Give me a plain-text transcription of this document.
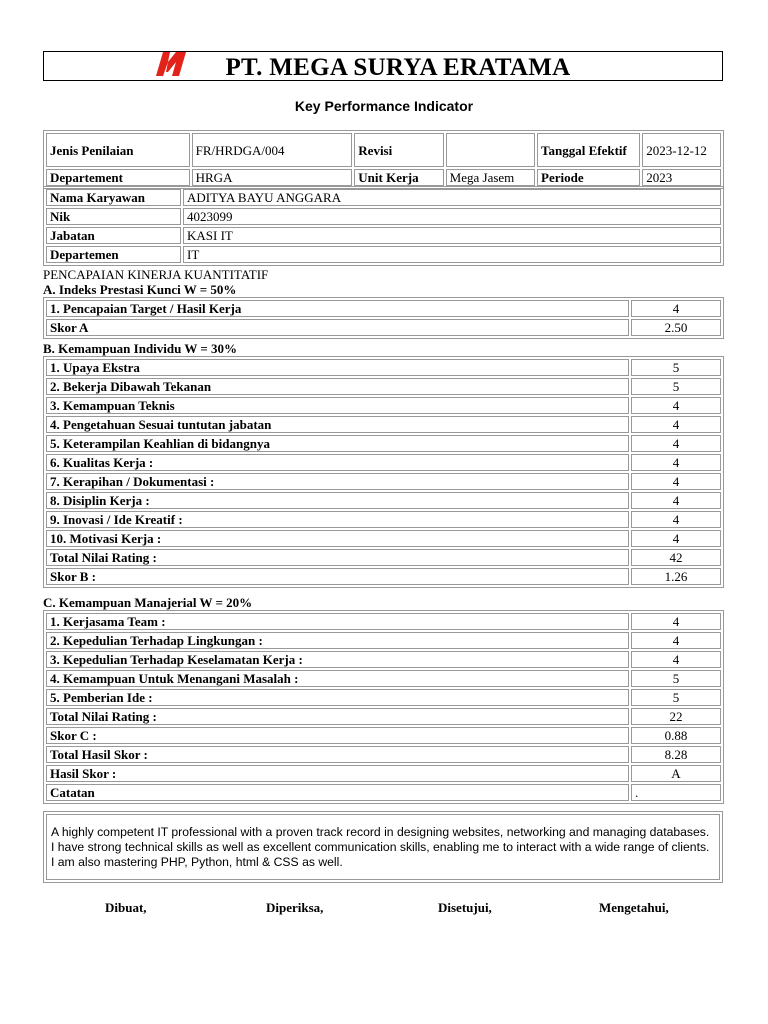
PT. MEGA SURYA ERATAMA
Key Performance Indicator
Jenis Penilaian	FR/HRDGA/004	Revisi		Tanggal Efektif	2023-12-12
Departement	HRGA	Unit Kerja	Mega Jasem	Periode	2023
Nama Karyawan	ADITYA BAYU ANGGARA
Nik	4023099
Jabatan	KASI IT
Departemen	IT
PENCAPAIAN KINERJA KUANTITATIF
A. Indeks Prestasi Kunci W = 50%
1. Pencapaian Target / Hasil Kerja	4
Skor A	2.50
B. Kemampuan Individu W = 30%
1. Upaya Ekstra	5
2. Bekerja Dibawah Tekanan	5
3. Kemampuan Teknis	4
4. Pengetahuan Sesuai tuntutan jabatan	4
5. Keterampilan Keahlian di bidangnya	4
6. Kualitas Kerja :	4
7. Kerapihan / Dokumentasi :	4
8. Disiplin Kerja :	4
9. Inovasi / Ide Kreatif :	4
10. Motivasi Kerja :	4
Total Nilai Rating :	42
Skor B :	1.26
C. Kemampuan Manajerial W = 20%
1. Kerjasama Team :	4
2. Kepedulian Terhadap Lingkungan :	4
3. Kepedulian Terhadap Keselamatan Kerja :	4
4. Kemampuan Untuk Menangani Masalah :	5
5. Pemberian Ide :	5
Total Nilai Rating :	22
Skor C :	0.88
Total Hasil Skor :	8.28
Hasil Skor :	A
Catatan	.
A highly competent IT professional with a proven track record in designing websites, networking and managing databases. I have strong technical skills as well as excellent communication skills, enabling me to interact with a wide range of clients. I am also mastering PHP, Python, html & CSS as well.
Dibuat,	Diperiksa,	Disetujui,	Mengetahui,
